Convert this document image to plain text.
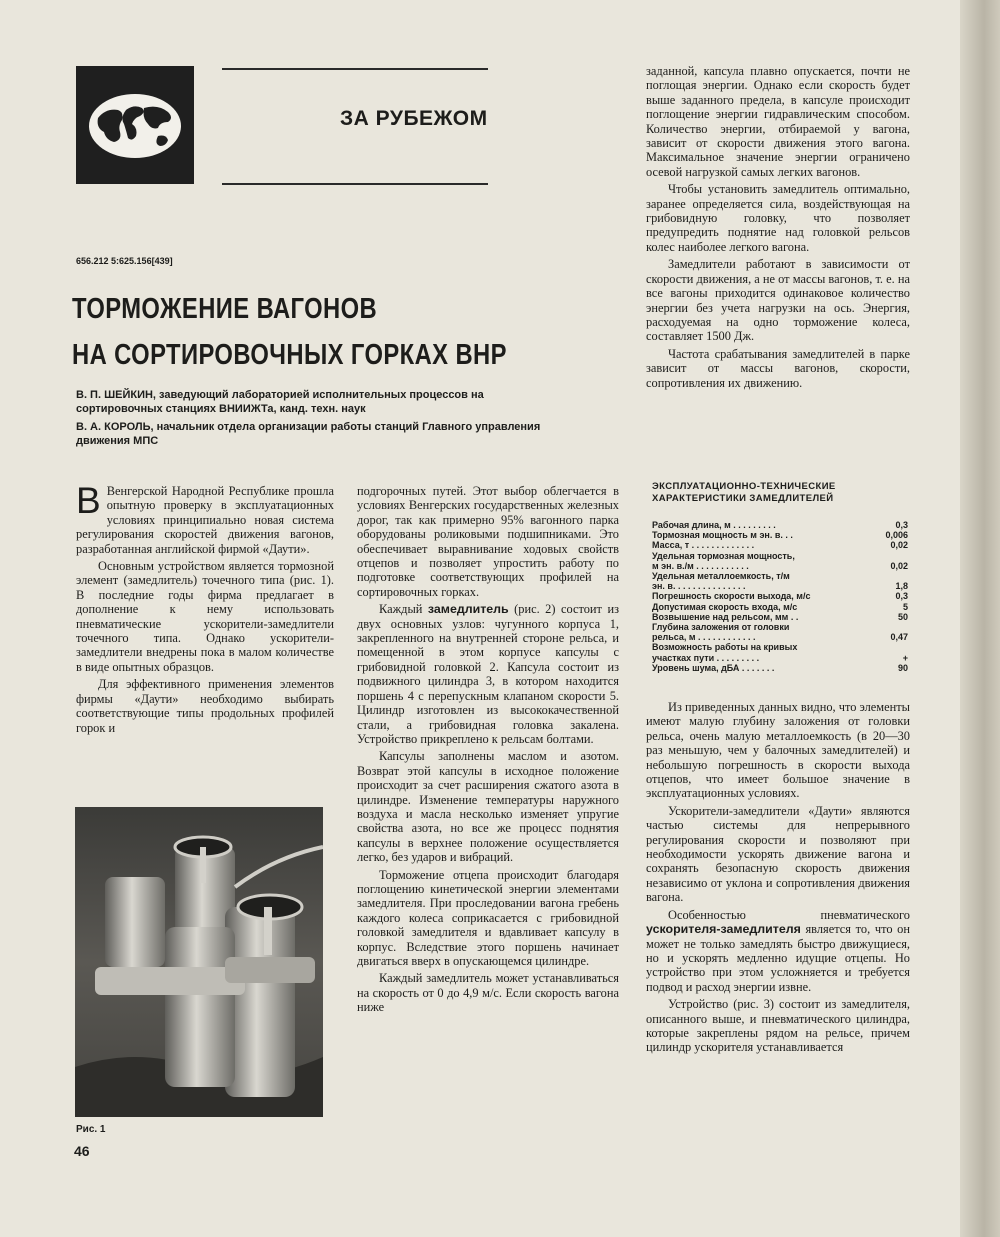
ЗА РУБЕЖОМ
656.212 5:625.156[439]
ТОРМОЖЕНИЕ ВАГОНОВ
НА СОРТИРОВОЧНЫХ ГОРКАХ ВНР

В. П. ШЕЙКИН, заведующий лабораторией исполнительных процессов на сортировочных станциях ВНИИЖТа, канд. техн. наук

В. А. КОРОЛЬ, начальник отдела организации работы станций Главного управления движения МПС

В Венгерской Народной Республике прошла опытную проверку в эксплуатационных условиях принципиально новая система регулирования скоростей движения вагонов, разработанная английской фирмой «Даути».

Основным устройством является тормозной элемент (замедлитель) точечного типа (рис. 1). В последние годы фирма предлагает в дополнение к нему использовать пневматические ускорители-замедлители точечного типа. Однако ускорители-замедлители внедрены пока в малом количестве в виде опытных образцов.

Для эффективного применения элементов фирмы «Даути» необходимо выбирать соответствующие типы продольных профилей горок и

Рис. 1
46

подгорочных путей. Этот выбор облегчается в условиях Венгерских государственных железных дорог, так как примерно 95% вагонного парка оборудованы роликовыми подшипниками. Это обеспечивает выравнивание ходовых свойств отцепов и позволяет упростить работу по подготовке соответствующих профилей на сортировочных горках.

Каждый замедлитель (рис. 2) состоит из двух основных узлов: чугунного корпуса 1, закрепленного на внутренней стороне рельса, и помещенной в этом корпусе капсулы с грибовидной головкой 2. Капсула состоит из подвижного цилиндра 3, в котором находится поршень 4 с перепускным клапаном скорости 5. Цилиндр изготовлен из высококачественной стали, а грибовидная головка закалена. Устройство прикреплено к рельсам болтами.

Капсулы заполнены маслом и азотом. Возврат этой капсулы в исходное положение происходит за счет расширения сжатого азота в цилиндре. Изменение температуры наружного воздуха и масла несколько изменяет упругие свойства азота, но все же процесс поднятия капсулы в верхнее положение осуществляется легко, без ударов и вибраций.

Торможение отцепа происходит благодаря поглощению кинетической энергии элементами замедлителя. При проследовании вагона гребень каждого колеса соприкасается с грибовидной головкой замедлителя и вдавливает капсулу в корпус. Вследствие этого поршень начинает двигаться вверх в опускающемся цилиндре.

Каждый замедлитель может устанавливаться на скорость от 0 до 4,9 м/с. Если скорость вагона ниже

заданной, капсула плавно опускается, почти не поглощая энергии. Однако если скорость будет выше заданного предела, в капсуле происходит поглощение энергии гидравлическим способом. Количество энергии, отбираемой у вагона, зависит от скорости движения этого вагона. Максимальное значение энергии ограничено осевой нагрузкой самых легких вагонов.

Чтобы установить замедлитель оптимально, заранее определяется сила, воздействующая на грибовидную головку, что позволяет предупредить поднятие над головкой рельсов колес наиболее легкого вагона.

Замедлители работают в зависимости от скорости движения, а не от массы вагонов, т. е. на все вагоны приходится одинаковое количество энергии без учета нагрузки на ось. Энергия, расходуемая на одно торможение колеса, составляет 1500 Дж.

Частота срабатывания замедлителей в парке зависит от массы вагонов, скорости, сопротивления их движению.

ЭКСПЛУАТАЦИОННО-ТЕХНИЧЕСКИЕ ХАРАКТЕРИСТИКИ ЗАМЕДЛИТЕЛЕЙ
Рабочая длина, м . . . . . . . . .	0,3
Тормозная мощность м эн. в. . .	0,006
Масса, т . . . . . . . . . . . . .	0,02
Удельная тормозная мощность,
м эн. в./м . . . . . . . . . . .	0,02
Удельная металлоемкость, т/м
эн. в. . . . . . . . . . . . . . .	1,8
Погрешность скорости выхода, м/с	0,3
Допустимая скорость входа, м/с	5
Возвышение над рельсом, мм . .	50
Глубина заложения от головки
рельса, м . . . . . . . . . . . .	0,47
Возможность работы на кривых
участках пути . . . . . . . . .	+
Уровень шума, дБА . . . . . . .	90

Из приведенных данных видно, что элементы имеют малую глубину заложения от головки рельса, очень малую металлоемкость (в 20—30 раз меньшую, чем у балочных замедлителей) и небольшую погрешность в скорости выхода отцепов, что имеет большое значение в эксплуатационных условиях.

Ускорители-замедлители «Даути» являются частью системы для непрерывного регулирования скорости и позволяют при необходимости ускорять движение вагона и сохранять безопасную скорость движения независимо от уклона и сопротивления движения вагона.

Особенностью пневматического ускорителя-замедлителя является то, что он может не только замедлять быстро движущиеся, но и ускорять медленно идущие отцепы. Но устройство при этом усложняется и требуется подвод и расход энергии извне.

Устройство (рис. 3) состоит из замедлителя, описанного выше, и пневматического цилиндра, которые закреплены рядом на рельсе, причем цилиндр ускорителя устанавливается
